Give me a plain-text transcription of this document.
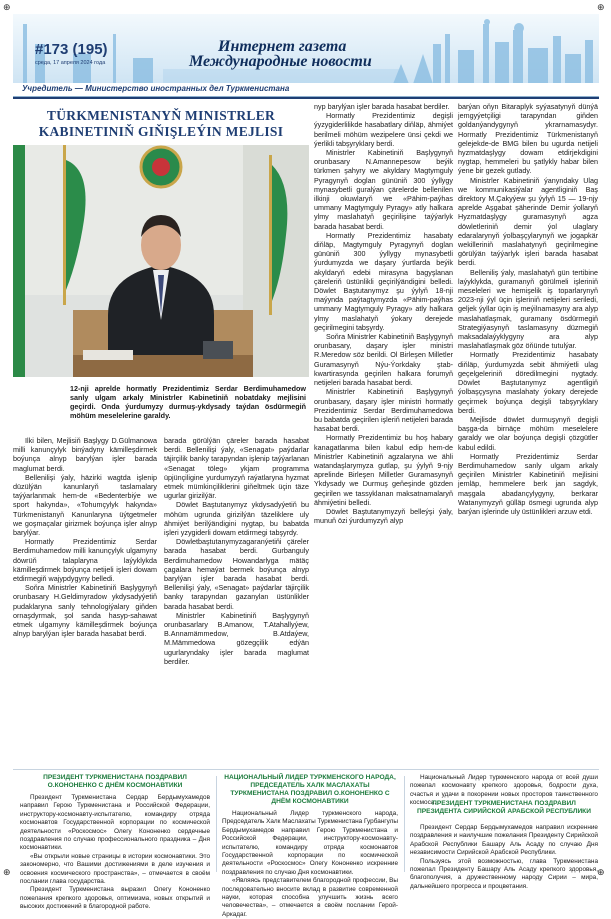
⊕	⊕
⊕	⊕
#173 (195)
среда, 17 апреля 2024 года
Интернет газета
Международные новости
Учредитель — Министерство иностранных дел Туркменистана
TÜRKMENISTANYŇ MINISTRLER
KABINETINIŇ GIŇIŞLEÝIN MEJLISI
12-nji aprelde hormatly Prezidentimiz Serdar Berdimuhamedow sanly ulgam arkaly Ministrler Kabinetiniň nobatdaky mejlisini geçirdi. Onda ýurdumyzy durmuş-ykdysady taýdan ösdürmegiň möhüm meselelerine garaldy.

Ilki bilen, Mejlisiň Başlygy D.Gülmanowa milli kanunçylyk binýadyny kämilleşdirmek boýunça alnyp barylýan işler barada maglumat berdi.

Bellenilişi ýaly, häzirki wagtda işlenip düzülýän kanunlaryň taslamalary taýýarlanmak hem-de «Bedenterbiýe we sport hakynda», «Tohumçylyk hakynda» Türkmenistanyň Kanunlaryna üýtgetmeler we goşmaçalar girizmek boýunça işler alnyp barylýar.

Hormatly Prezidentimiz Serdar Berdimuhamedow milli kanunçylyk ulgamyny döwrüň talaplaryna laýyklykda kämilleşdirmek boýunça netijeli işleri dowam etdirmegiň wajypdygyny belledi.

Soňra Ministrler Kabinetiniň Başlygynyň orunbasary H.Geldimyradow ykdysadyýetiň pudaklaryna sanly tehnologiýalary giňden ornaşdyrmak, şol sanda hasyp-sahawat etmek ulgamyny kämilleşdirmek boýunça alnyp barylýan işler barada hasabat berdi.

barada görülýän çäreler barada hasabat berdi. Bellenilişi ýaly, «Senagat» paýdarlar täjirçilik banky tarapyndan işlenip taýýarlanan «Senagat töleg» ykjam programma üpjünçiligine yurdumyzyň raýatlaryna hyzmat etmek mümkinçiliklerini giňeltmek üçin täze ugurlar girizilýär.

Döwlet Baştutanymyz ykdysadyýetiň bu möhüm ugrunda girizilýän täzeliklere uly ähmiýet berilýändigini nygtap, bu babatda işleri yzygiderli dowam etdirmegi tabşyrdy.

Döwletbaştutanymyzagaranýetiňi çäreler barada hasabat berdi. Gurbanguly Berdimuhamedow Howandarlyga mätäç çagalara hemaýat bermek boýunça alnyp barylýan işler barada hasabat berdi. Bellenilişi ýaly, «Senagat» paýdarlar täjirçilik banky tarapyndan gazanylan üstünlikler barada hasabat berdi.

Ministrler Kabinetiniň Başlygynyň orunbasarlary B.Amanow, T.Atahallyýew, B.Annamämmedow, B.Atdaýew, M.Mämmedowa gözegçilik edýän ugurlaryndaky işler barada maglumat berdiler.

nyp barylýan işler barada hasabat berdiler.

Hormatly Prezidentimiz degişli ýyzygiderlilikde hasabatlary diňläp, ähmiýet berilmeli möhüm wezipelere ünsi çekdi we ýerlikli tabşyryklary berdi.

Ministrler Kabinetiniň Başlygynyň orunbasary N.Amannepesow beýik türkmen şahyry we akyldary Magtymguly Pyragynyň doglan gününiň 300 ýyllygy mynasybetli guralýan çärelerde bellenilen ilkinji okuwlaryň we «Pähim-paýhas ummany Magtymguly Pyragy» atly halkara ylmy maslahatyň geçirilişine taýýarlyk barada hasabat berdi.

Hormatly Prezidentimiz hasabaty diňläp, Magtymguly Pyragynyň doglan gününiň 300 ýyllygy mynasybetli ýurdumyzda we daşary ýurtlarda beýik akyldaryň edebi mirasyna bagyşlanan çäreleriň üstünlikli geçirilýändigini belledi. Döwlet Baştutanymyz şu ýylyň 18-nji maýynda paýtagtymyzda «Pähim-paýhas ummany Magtymguly Pyragy» atly halkara ylmy maslahatyň ýokary derejede geçirilmegini tabşyrdy.

Soňra Ministrler Kabinetiniň Başlygynyň orunbasary, daşary işler ministri R.Meredow söz berildi. Ol Birleşen Milletler Guramasynyň Nýu-Ýorkdaky ştab-kwartirasynda geçirilen halkara forumyň netijeleri barada hasabat berdi.

Ministrler Kabinetiniň Başlygynyň orunbasary, daşary işler ministri hormatly Prezidentimiz Serdar Berdimuhamedowa bu babatda geçirilen işleriň netijeleri barada hasabat berdi.

Hormatly Prezidentimiz bu hoş habary kanagatlanma bilen kabul edip hem-de Ministrler Kabinetiniň agzalaryna we ähli watandaşlarymyza gutlap, şu ýylyň 9-njy aprelinde Birleşen Milletler Guramasynyň Ykdysady we Durmuş geňeşinde gözden geçirilen we tassyklanan maksatnamalaryň ähmiýetini belledi.

Döwlet Baştutanymyzyň belleýşi ýaly, munuň özi ýurdumyzyň alyp

barýan oňyn Bitaraplyk syýasatynyň dünýä jemgyýetçiligi tarapyndan giňden goldanýandygynyň ykrarnamasydyr. Hormatly Prezidentimiz Türkmenistanyň gelejekde-de BMG bilen bu ugurda netijeli hyzmatdaşlygy dowam etdirjekdigini nygtap, hemmeleri bu şatlykly habar bilen ýene bir gezek gutlady.

Ministrler Kabinetiniň ýanyndaky Ulag we kommunikasiýalar agentliginiň Baş direktory M.Çakyýew şu ýylyň 15 — 19-njy aprelde Aşgabat şäherinde Demir ýollaryň Hyzmatdaşlygy guramasynyň agza döwletleriniň demir ýol ulaglary edaralarynyň ýolbaşçylarynyň we jogapkär wekilleriniň maslahatynyň geçirilmegine görülýän taýýarlyk işleri barada hasabat berdi.

Belleniliş ýaly, maslahatyň gün tertibine laýyklykda, guramanyň görülmeli işleriniň meseleleri we hemişelik iş toparlarynyň 2023-nji ýyl üçin işleriniň netijeleri seriledi, geljek ýyllar üçin iş meýilnamasyny ara alyp maslahatlaşmak, guramany ösdürmegiň Strategiýasynyň taslamasyny düzmegiň maksadalaýyklygyny ara alyp maslahatlaşmak göz öňünde tutulýar.

Hormatly Prezidentimiz hasabaty diňläp, ýurdumyzda sebit ähmiýetli ulag geçelgeleriniň döredilmegini nygtady. Döwlet Baştutanymyz agentligiň ýolbaşçysyna maslahaty ýokary derejede geçirmek boýunça degişli tabşyryklary berdi.

Mejlisde döwlet durmuşynyň degişli başga-da birnäçe möhüm meselelere garaldy we olar boýunça degişli çözgütler kabul edildi.

Hormatly Prezidentimiz Serdar Berdimuhamedow sanly ulgam arkaly geçirilen Ministrler Kabinetiniň mejlisini jemläp, hemmelere berk jan sagdyk, maşgala abadançylygyny, berkarar Watanymyzyň gülläp ösmegi ugrunda alyp barýan işlerinde uly üstünlikleri arzuw etdi.

ПРЕЗИДЕНТ ТУРКМЕНИСТАНА ПОЗДРАВИЛ О.КОНОНЕНКО С ДНЁМ КОСМОНАВТИКИ

Президент Туркменистана Сердар Бердымухамедов направил Герою Туркменистана и Российской Федерации, инструктору-космонавту-испытателю, командиру отряда космонавтов Государственной корпорации по космической деятельности «Роскосмос» Олегу Кононенко сердечные поздравления по случаю профессионального праздника – Дня космонавтики.

«Вы открыли новые страницы в истории космонавтики. Это закономерно, что Вашими достижениями в деле изучения и освоения космического пространства», – отмечается в своём послании глава государства.

Президент Туркменистана выразил Олегу Кононенко пожелания крепкого здоровья, оптимизма, новых открытий и высоких достижений в благородной работе.

НАЦИОНАЛЬНЫЙ ЛИДЕР ТУРКМЕНСКОГО НАРОДА, ПРЕДСЕДАТЕЛЬ ХАЛК МАСЛАХАТЫ ТУРКМЕНИСТАНА ПОЗДРАВИЛ О.КОНОНЕНКО С ДНЁМ КОСМОНАВТИКИ

Национальный Лидер туркменского народа, Председатель Халк Маслахаты Туркменистана Гурбангулы Бердымухамедов направил Герою Туркменистана и Российской Федерации, инструктору-космонавту-испытателю, командиру отряда космонавтов Государственной корпорации по космической деятельности «Роскосмос» Олегу Кононенко искренние поздравления по случаю Дня космонавтики.

«Являясь представителем благородной профессии, Вы последовательно вносите вклад в развитие современной науки, которая способна улучшить жизнь всего человечества», – отмечается в своём послании Герой-Аркадаг.

Национальный Лидер туркменского народа от всей души пожелал космонавту крепкого здоровья, бодрости духа, счастья и удачи в покорении новых просторов таинственного космоса.

ПРЕЗИДЕНТ ТУРКМЕНИСТАНА ПОЗДРАВИЛ ПРЕЗИДЕНТА СИРИЙСКОЙ АРАБСКОЙ РЕСПУБЛИКИ

Президент Сердар Бердымухамедов направил искренние поздравления и наилучшие пожелания Президенту Сирийской Арабской Республики Башару Аль Асаду по случаю Дня независимости Сирийской Арабской Республики.

Пользуясь этой возможностью, глава Туркменистана пожелал Президенту Башару Аль Асаду крепкого здоровья, благополучия, а дружественному народу Сирии – мира, дальнейшего прогресса и процветания.
